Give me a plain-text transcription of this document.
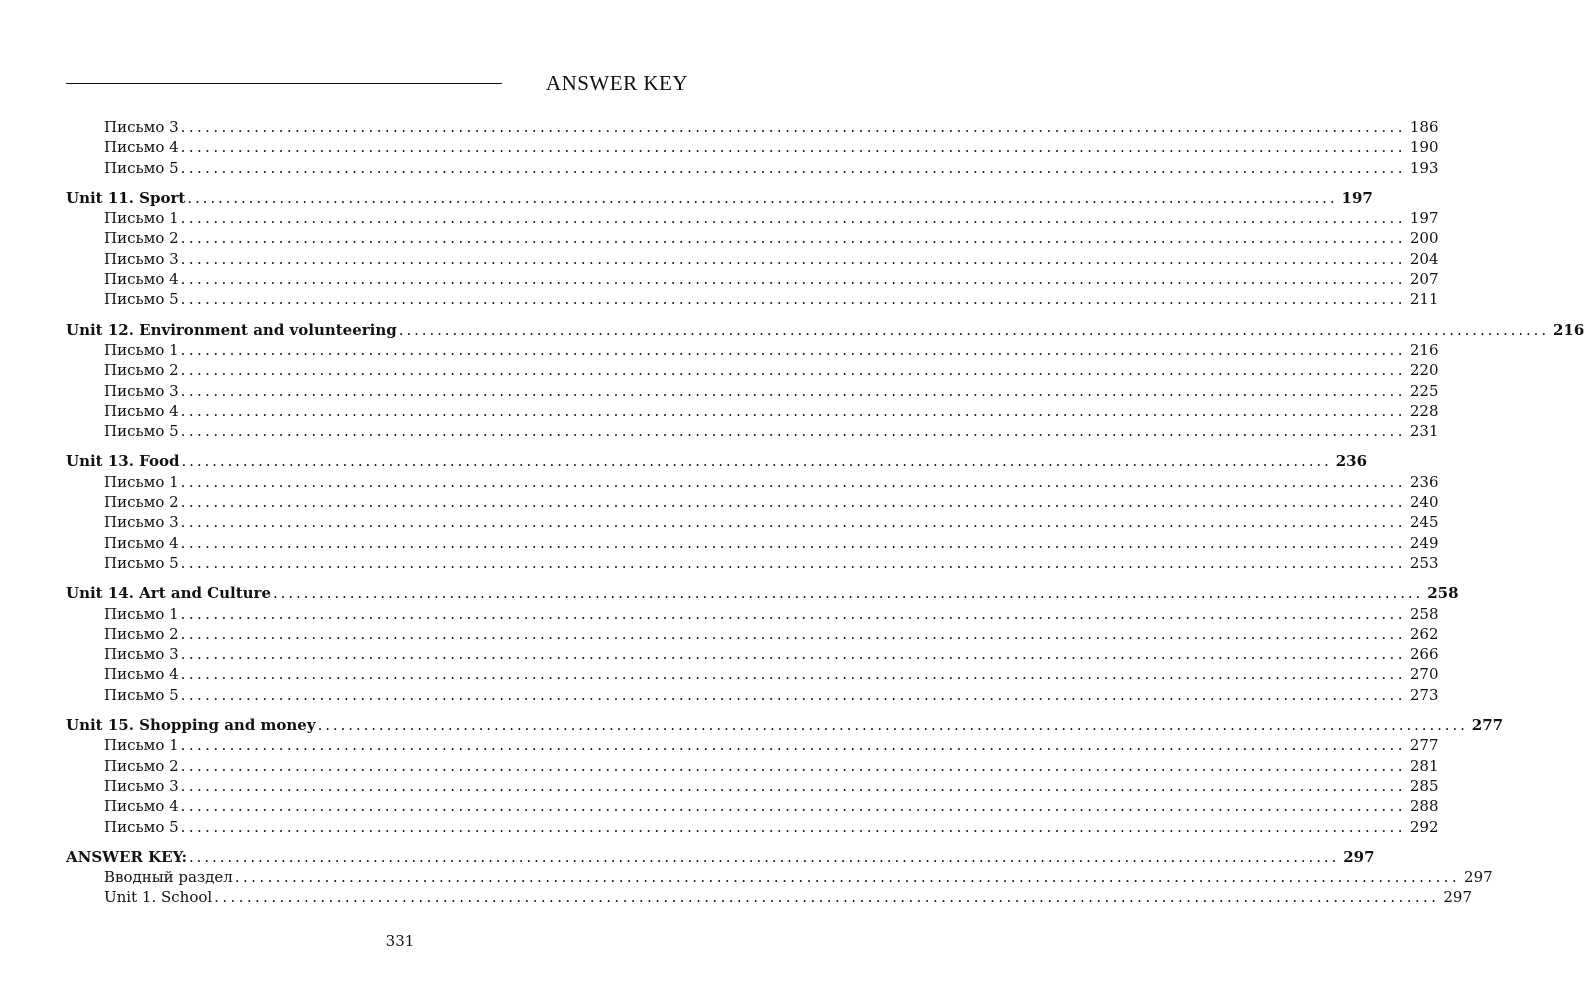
ANSWER KEY
Письмо 3 ...................................................................................................................................................... 186
Письмо 4 ...................................................................................................................................................... 190
Письмо 5 ...................................................................................................................................................... 193
Unit 11. Sport ...................................................................................................................................................... 197
Письмо 1 ...................................................................................................................................................... 197
Письмо 2 ...................................................................................................................................................... 200
Письмо 3 ...................................................................................................................................................... 204
Письмо 4 ...................................................................................................................................................... 207
Письмо 5 ...................................................................................................................................................... 211
Unit 12. Environment and volunteering ...................................................................................................................................................... 216
Письмо 1 ...................................................................................................................................................... 216
Письмо 2 ...................................................................................................................................................... 220
Письмо 3 ...................................................................................................................................................... 225
Письмо 4 ...................................................................................................................................................... 228
Письмо 5 ...................................................................................................................................................... 231
Unit 13. Food ...................................................................................................................................................... 236
Письмо 1 ...................................................................................................................................................... 236
Письмо 2 ...................................................................................................................................................... 240
Письмо 3 ...................................................................................................................................................... 245
Письмо 4 ...................................................................................................................................................... 249
Письмо 5 ...................................................................................................................................................... 253
Unit 14. Art and Culture ...................................................................................................................................................... 258
Письмо 1 ...................................................................................................................................................... 258
Письмо 2 ...................................................................................................................................................... 262
Письмо 3 ...................................................................................................................................................... 266
Письмо 4 ...................................................................................................................................................... 270
Письмо 5 ...................................................................................................................................................... 273
Unit 15. Shopping and money ...................................................................................................................................................... 277
Письмо 1 ...................................................................................................................................................... 277
Письмо 2 ...................................................................................................................................................... 281
Письмо 3 ...................................................................................................................................................... 285
Письмо 4 ...................................................................................................................................................... 288
Письмо 5 ...................................................................................................................................................... 292
ANSWER KEY: ...................................................................................................................................................... 297
Вводный раздел ...................................................................................................................................................... 297
Unit 1. School ...................................................................................................................................................... 297
331
